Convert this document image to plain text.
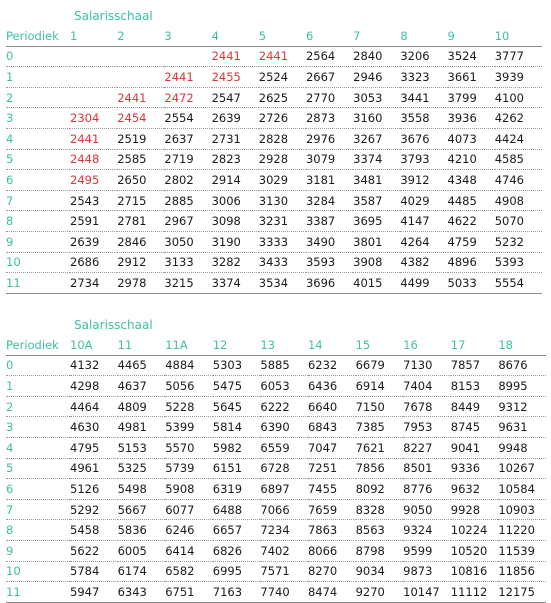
Salarisschaal
Periodiek	1	2	3	4	5	6	7	8	9	10
0				2441	2441	2564	2840	3206	3524	3777
1			2441	2455	2524	2667	2946	3323	3661	3939
2		2441	2472	2547	2625	2770	3053	3441	3799	4100
3	2304	2454	2554	2639	2726	2873	3160	3558	3936	4262
4	2441	2519	2637	2731	2828	2976	3267	3676	4073	4424
5	2448	2585	2719	2823	2928	3079	3374	3793	4210	4585
6	2495	2650	2802	2914	3029	3181	3481	3912	4348	4746
7	2543	2715	2885	3006	3130	3284	3587	4029	4485	4908
8	2591	2781	2967	3098	3231	3387	3695	4147	4622	5070
9	2639	2846	3050	3190	3333	3490	3801	4264	4759	5232
10	2686	2912	3133	3282	3433	3593	3908	4382	4896	5393
11	2734	2978	3215	3374	3534	3696	4015	4499	5033	5554
Salarisschaal
Periodiek	10A	11	11A	12	13	14	15	16	17	18
0	4132	4465	4884	5303	5885	6232	6679	7130	7857	8676
1	4298	4637	5056	5475	6053	6436	6914	7404	8153	8995
2	4464	4809	5228	5645	6222	6640	7150	7678	8449	9312
3	4630	4981	5399	5814	6390	6843	7385	7953	8745	9631
4	4795	5153	5570	5982	6559	7047	7621	8227	9041	9948
5	4961	5325	5739	6151	6728	7251	7856	8501	9336	10267
6	5126	5498	5908	6319	6897	7455	8092	8776	9632	10584
7	5292	5667	6077	6488	7066	7659	8328	9050	9928	10903
8	5458	5836	6246	6657	7234	7863	8563	9324	10224	11220
9	5622	6005	6414	6826	7402	8066	8798	9599	10520	11539
10	5784	6174	6582	6995	7571	8270	9034	9873	10816	11856
11	5947	6343	6751	7163	7740	8474	9270	10147	11112	12175
